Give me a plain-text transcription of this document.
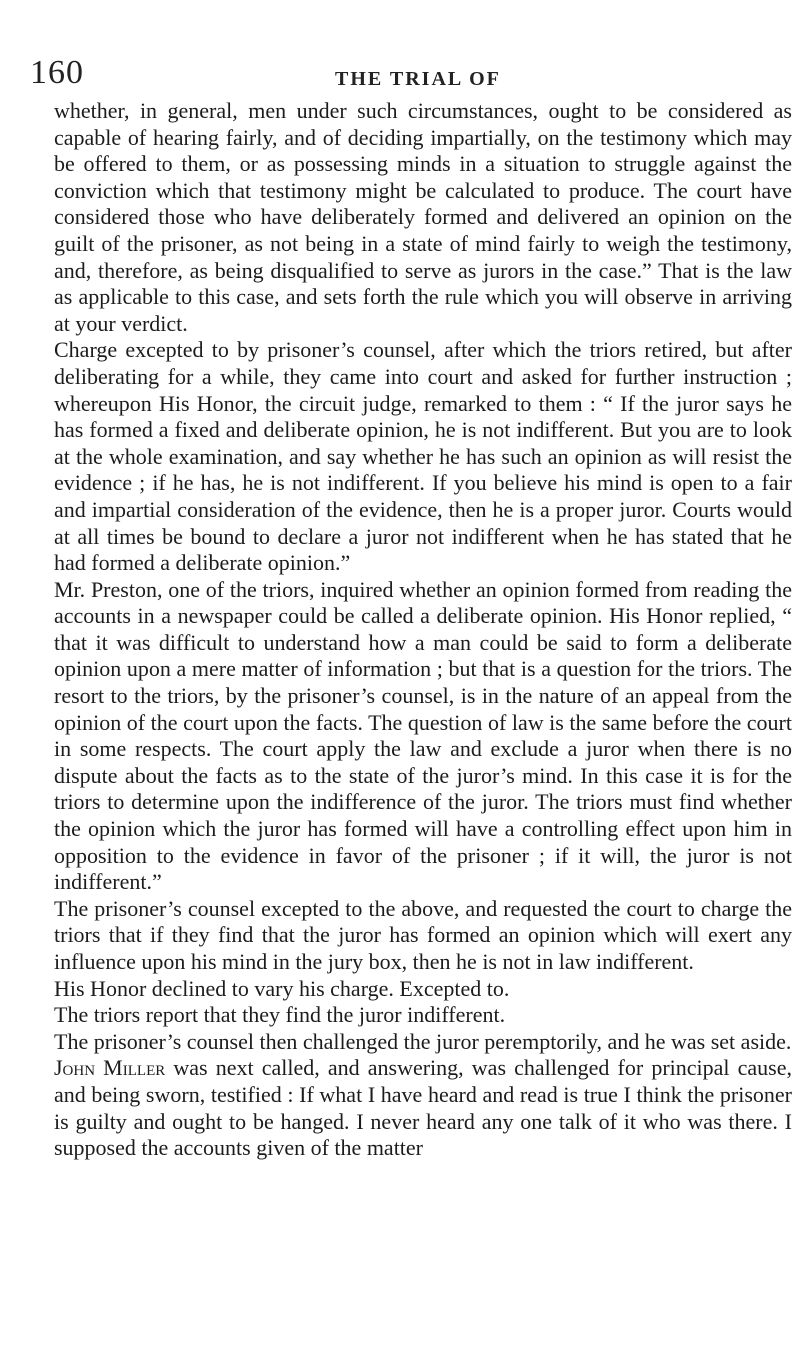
160	THE TRIAL OF

whether, in general, men under such circumstances, ought to be considered as capable of hearing fairly, and of deciding impartially, on the testimony which may be offered to them, or as possessing minds in a situation to struggle against the conviction which that testimony might be calculated to produce. The court have considered those who have deliberately formed and delivered an opinion on the guilt of the prisoner, as not being in a state of mind fairly to weigh the testimony, and, therefore, as being disqualified to serve as jurors in the case.” That is the law as applicable to this case, and sets forth the rule which you will observe in arriving at your verdict.

Charge excepted to by prisoner’s counsel, after which the triors retired, but after deliberating for a while, they came into court and asked for further instruction ; whereupon His Honor, the circuit judge, remarked to them : “ If the juror says he has formed a fixed and deliberate opinion, he is not indifferent. But you are to look at the whole examination, and say whether he has such an opinion as will resist the evidence ; if he has, he is not indifferent. If you believe his mind is open to a fair and impartial consideration of the evidence, then he is a proper juror. Courts would at all times be bound to declare a juror not indifferent when he has stated that he had formed a deliberate opinion.”

Mr. Preston, one of the triors, inquired whether an opinion formed from reading the accounts in a newspaper could be called a deliberate opinion. His Honor replied, “ that it was difficult to understand how a man could be said to form a deliberate opinion upon a mere matter of information ; but that is a question for the triors. The resort to the triors, by the prisoner’s counsel, is in the nature of an appeal from the opinion of the court upon the facts. The question of law is the same before the court in some respects. The court apply the law and exclude a juror when there is no dispute about the facts as to the state of the juror’s mind. In this case it is for the triors to determine upon the indifference of the juror. The triors must find whether the opinion which the juror has formed will have a controlling effect upon him in opposition to the evidence in favor of the prisoner ; if it will, the juror is not indifferent.”

The prisoner’s counsel excepted to the above, and requested the court to charge the triors that if they find that the juror has formed an opinion which will exert any influence upon his mind in the jury box, then he is not in law indifferent.

His Honor declined to vary his charge. Excepted to.

The triors report that they find the juror indifferent.

The prisoner’s counsel then challenged the juror peremptorily, and he was set aside.

John Miller was next called, and answering, was challenged for principal cause, and being sworn, testified : If what I have heard and read is true I think the prisoner is guilty and ought to be hanged. I never heard any one talk of it who was there. I supposed the accounts given of the matter
